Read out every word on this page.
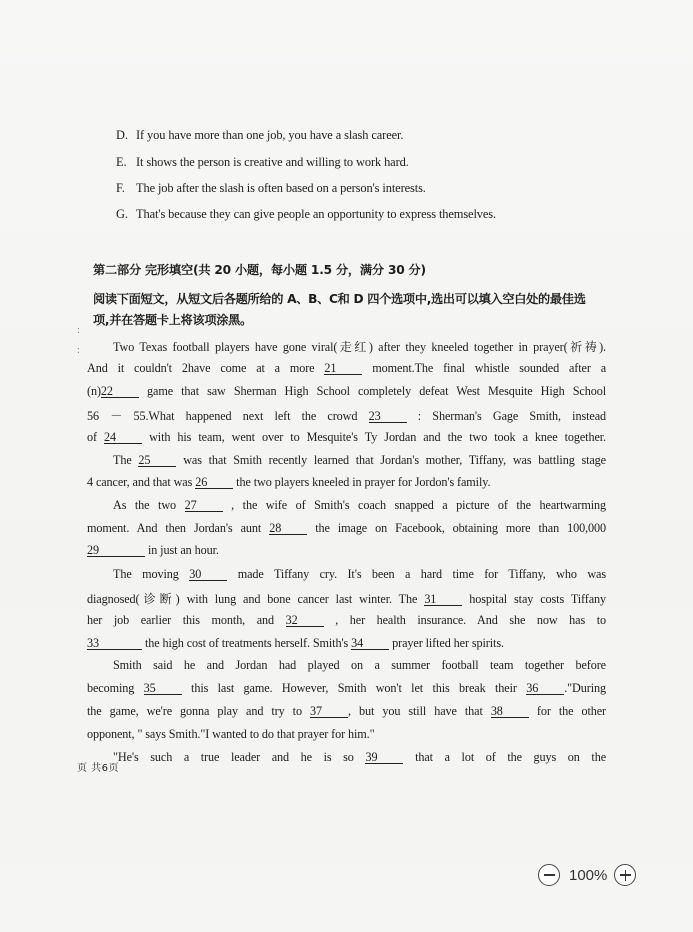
D. If you have more than one job, you have a slash career.
E. It shows the person is creative and willing to work hard.
F. The job after the slash is often based on a person's interests.
G. That's because they can give people an opportunity to express themselves.
第二部分 完形填空(共 20 小题，每小题 1.5 分，满分 30 分)
阅读下面短文，从短文后各题所给的 A、B、C和 D 四个选项中,选出可以填入空白处的最佳选
项,并在答题卡上将该项涂黑。
:
:	Two Texas football players have gone viral(走红) after they kneeled together in prayer(祈祷).
And it couldn't 2have come at a more 21	moment.The final whistle sounded after a
(n)22	game that saw Sherman High School completely defeat West Mesquite High School
56 － 55.What happened next left the crowd 23	: Sherman's Gage Smith, instead
of 24	with his team, went over to Mesquite's Ty Jordan and the two took a knee together.
The 25	was that Smith recently learned that Jordan's mother, Tiffany, was battling stage
4 cancer, and that was 26 the two players kneeled in prayer for Jordon's family.
As the two 27	, the wife of Smith's coach snapped a picture of the heartwarming
moment. And then Jordan's aunt 28	the image on Facebook, obtaining more than 100,000
29	in just an hour.
The moving 30	made Tiffany cry. It's been a hard time for Tiffany, who was
diagnosed(诊断) with lung and bone cancer last winter. The 31	hospital stay costs Tiffany
her job earlier this month, and 32	, her health insurance. And she now has to
33	the high cost of treatments herself. Smith's 34 prayer lifted her spirits.
Smith said he and Jordan had played on a summer football team together before
becoming 35	this last game. However, Smith won't let this break their 36 ."During
the game, we're gonna play and try to 37 , but you still have that 38	for the other
opponent, " says Smith."I wanted to do that prayer for him."
"He's such a true leader and he is so 39	that a lot of the guys on the
页 共6页
100%
